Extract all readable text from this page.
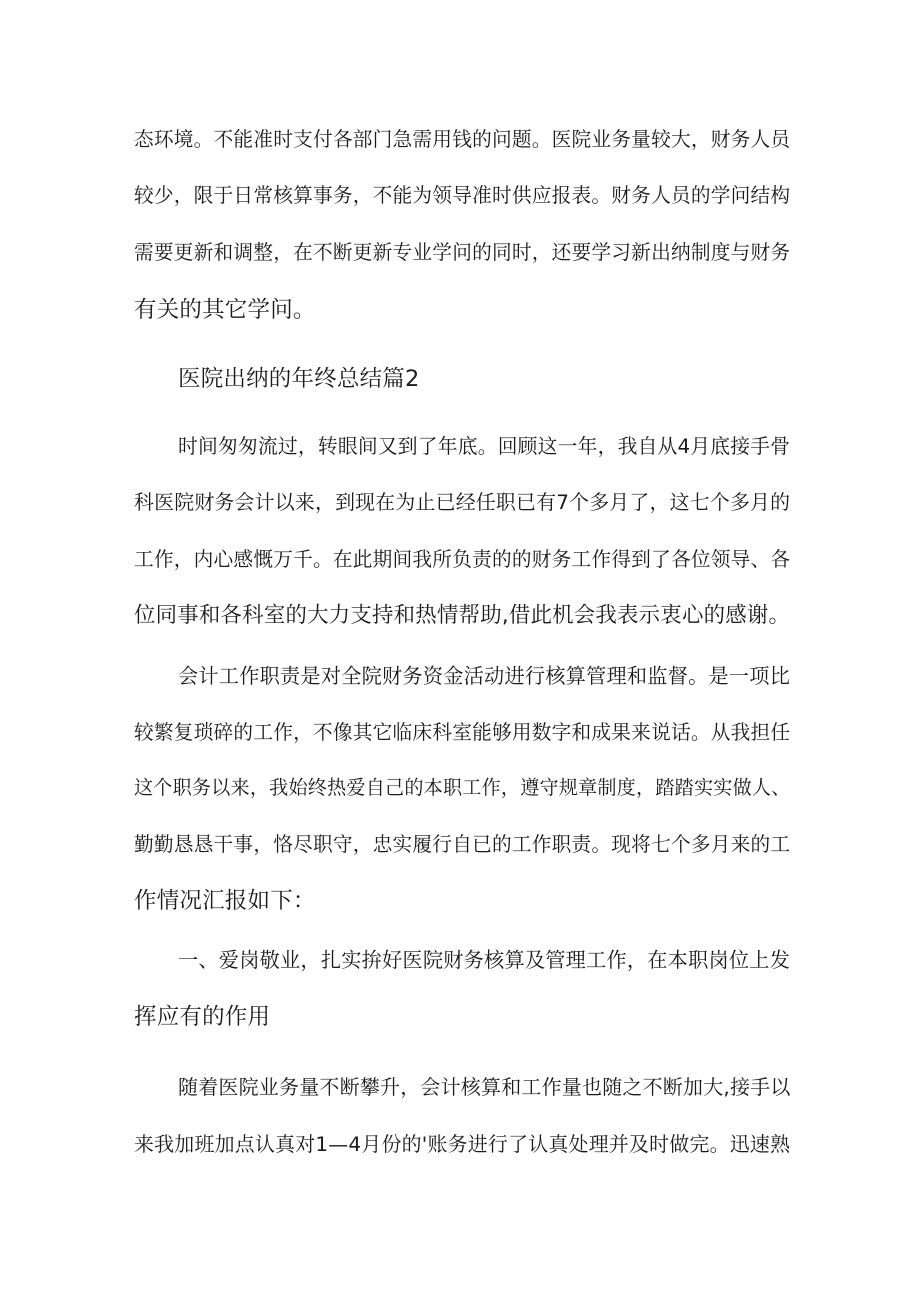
态环境。不能准时支付各部门急需用钱的问题。医院业务量较大，财务人员
较少，限于日常核算事务，不能为领导准时供应报表。财务人员的学问结构
需要更新和调整，在不断更新专业学问的同时，还要学习新出纳制度与财务
有关的其它学问。
医院出纳的年终总结篇2
时间匆匆流过，转眼间又到了年底。回顾这一年，我自从4月底接手骨
科医院财务会计以来，到现在为止已经任职已有7个多月了，这七个多月的
工作，内心感慨万千。在此期间我所负责的的财务工作得到了各位领导、各
位同事和各科室的大力支持和热情帮助,借此机会我表示衷心的感谢。
会计工作职责是对全院财务资金活动进行核算管理和监督。是一项比
较繁复琐碎的工作，不像其它临床科室能够用数字和成果来说话。从我担任
这个职务以来，我始终热爱自己的本职工作，遵守规章制度，踏踏实实做人、
勤勤恳恳干事，恪尽职守，忠实履行自已的工作职责。现将七个多月来的工
作情况汇报如下：
一、爱岗敬业，扎实拚好医院财务核算及管理工作，在本职岗位上发
挥应有的作用
随着医院业务量不断攀升，会计核算和工作量也随之不断加大,接手以
来我加班加点认真对1—4月份的'账务进行了认真处理并及时做完。迅速熟
